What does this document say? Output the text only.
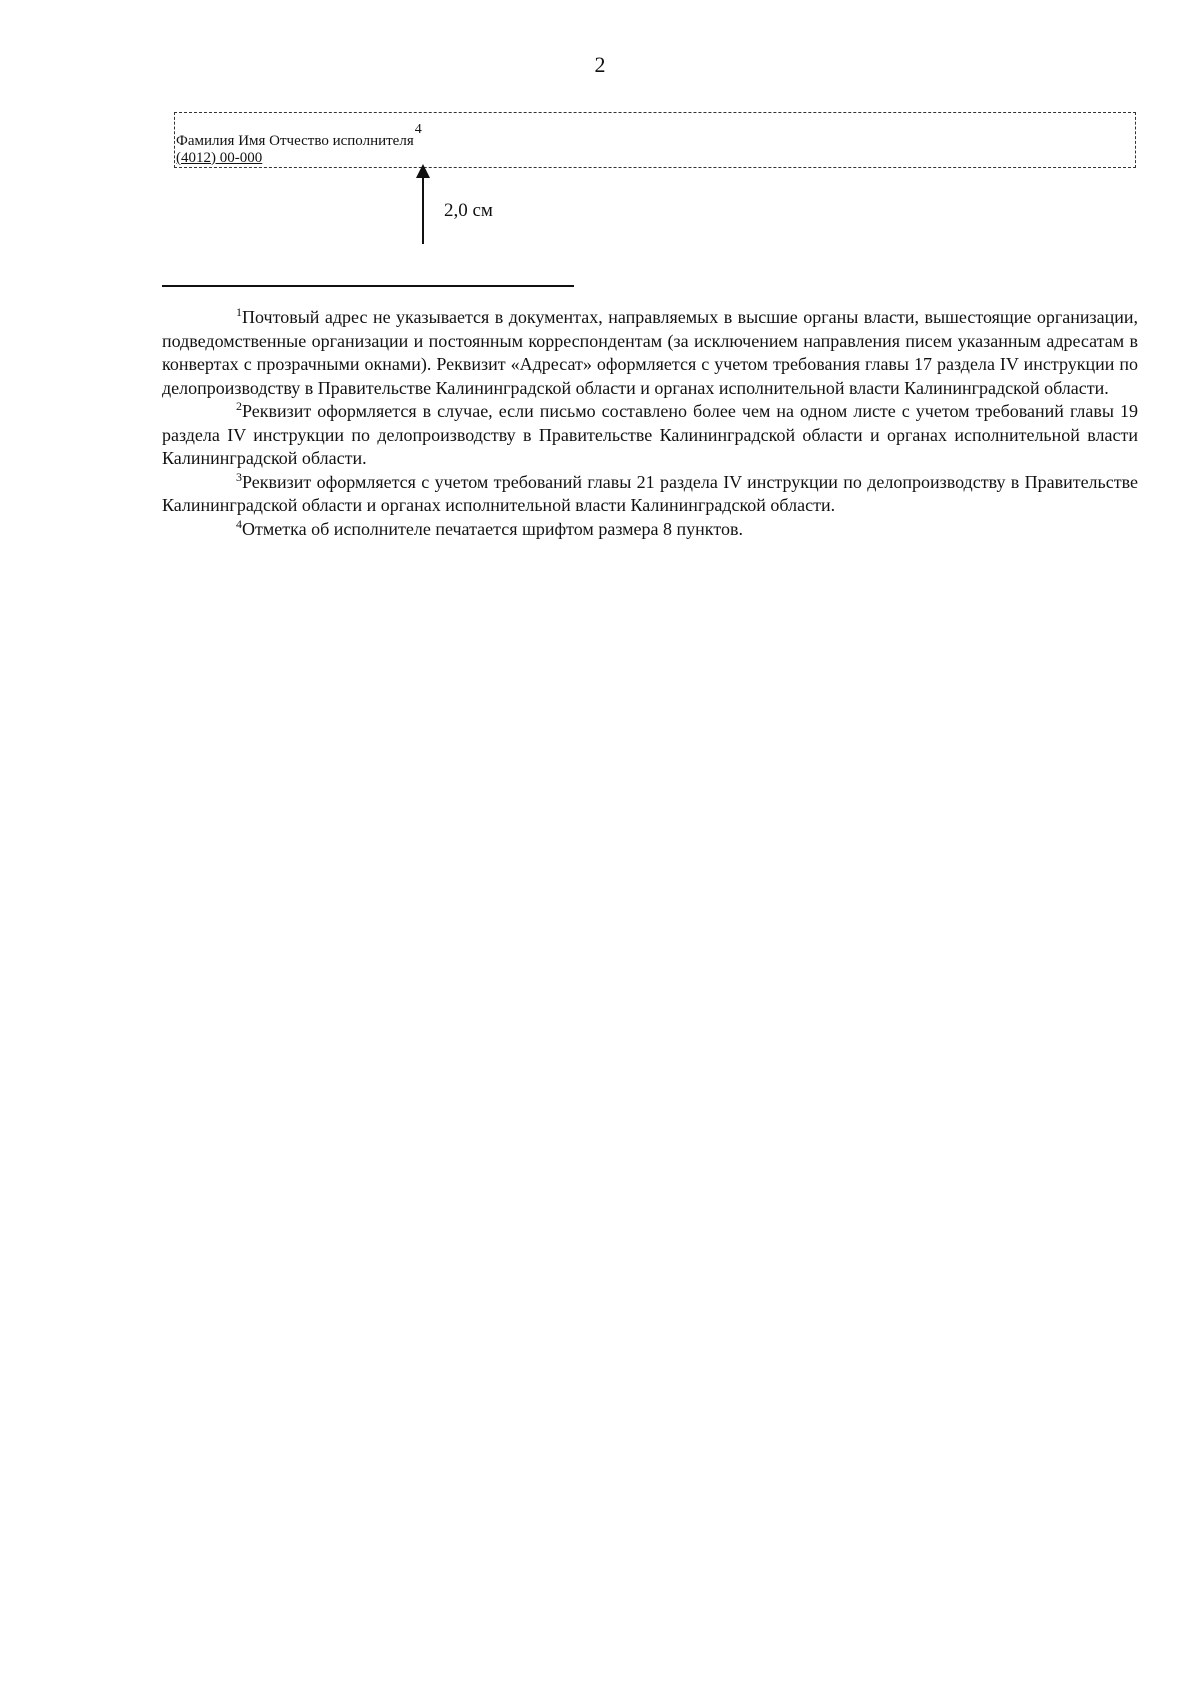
2
Фамилия Имя Отчество исполнителя$^4$
(4012) 00-000
2,0 см

$^1$Почтовый адрес не указывается в документах, направляемых в высшие органы власти, вышестоящие организации, подведомственные организации и постоянным корреспондентам (за исключением направления писем указанным адресатам в конвертах с прозрачными окнами). Реквизит «Адресат» оформляется с учетом требования главы 17 раздела IV инструкции по делопроизводству в Правительстве Калининградской области и органах исполнительной власти Калининградской области.

$^2$Реквизит оформляется в случае, если письмо составлено более чем на одном листе с учетом требований главы 19 раздела IV инструкции по делопроизводству в Правительстве Калининградской области и органах исполнительной власти Калининградской области.

$^3$Реквизит оформляется с учетом требований главы 21 раздела IV инструкции по делопроизводству в Правительстве Калининградской области и органах исполнительной власти Калининградской области.

$^4$Отметка об исполнителе печатается шрифтом размера 8 пунктов.
